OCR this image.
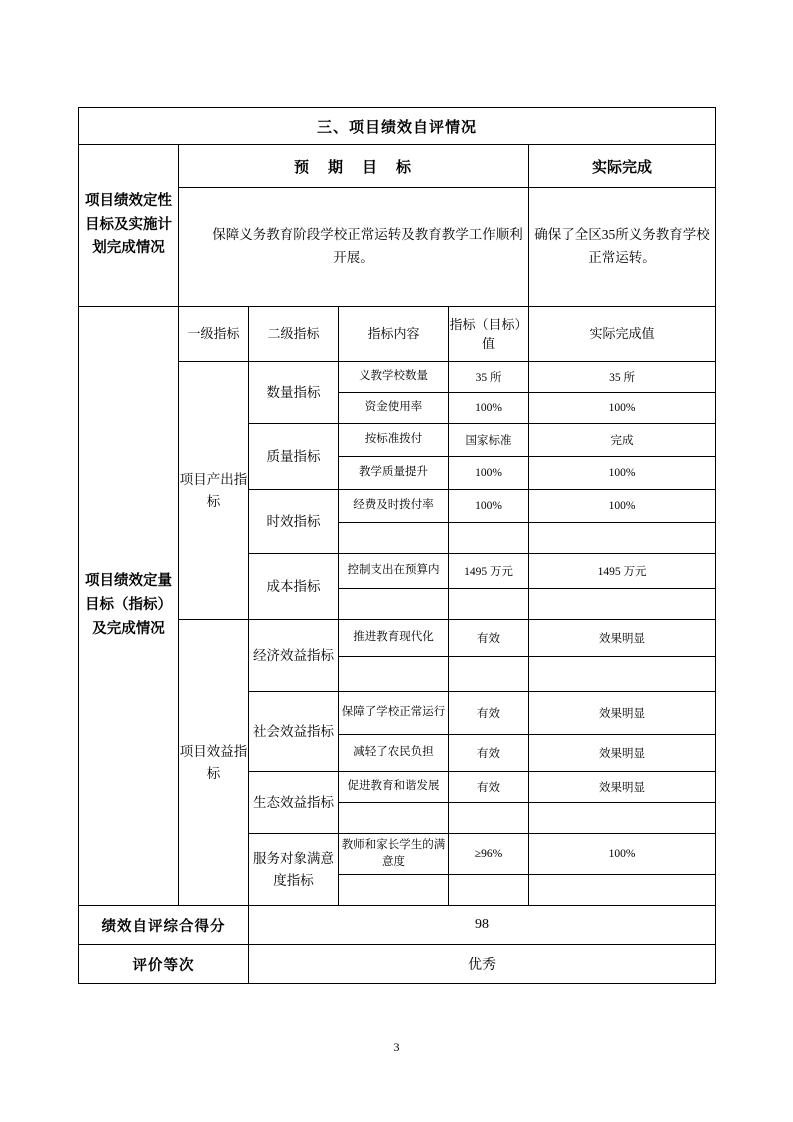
三、项目绩效自评情况					
项目绩效定性目标及实施计划完成情况	预　期　目　标				实际完成

	保障义务教育阶段学校正常运转及教育教学工作顺利开展。				确保了全区35所义务教育学校正常运转。
项目绩效定量目标（指标）及完成情况	一级指标	二级指标	指标内容	指标（目标）值	实际完成值
	项目产出指标	数量指标	义教学校数量	35 所	35 所
			资金使用率	100%	100%
		质量指标	按标准拨付	国家标准	完成
			教学质量提升	100%	100%
		时效指标	经费及时拨付率	100%	100%

		成本指标	控制支出在预算内	1495 万元	1495 万元

	项目效益指标	经济效益指标	推进教育现代化	有效	效果明显

		社会效益指标	保障了学校正常运行	有效	效果明显
			减轻了农民负担	有效	效果明显
		生态效益指标	促进教育和谐发展	有效	效果明显

		服务对象满意度指标	教师和家长学生的满意度	≥96%	100%

绩效自评综合得分		98			
评价等次		优秀			
3
